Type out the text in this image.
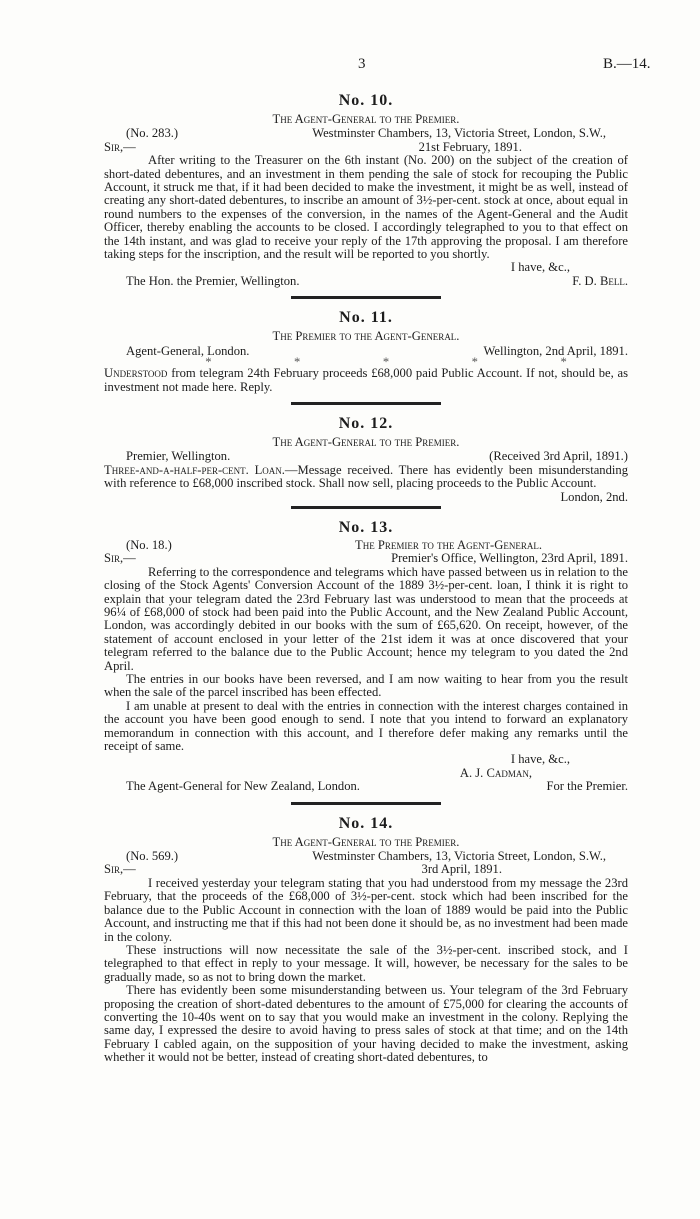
3	B.—14.
No. 10.
The Agent-General to the Premier.
(No. 283.)	Westminster Chambers, 13, Victoria Street, London, S.W.,
Sir,—	21st February, 1891.

After writing to the Treasurer on the 6th instant (No. 200) on the subject of the creation of short-dated debentures, and an investment in them pending the sale of stock for recouping the Public Account, it struck me that, if it had been decided to make the investment, it might be as well, instead of creating any short-dated debentures, to inscribe an amount of 3½-per-cent. stock at once, about equal in round numbers to the expenses of the conversion, in the names of the Agent-General and the Audit Officer, thereby enabling the accounts to be closed. I accordingly telegraphed to you to that effect on the 14th instant, and was glad to receive your reply of the 17th approving the proposal. I am therefore taking steps for the inscription, and the result will be reported to you shortly.

I have, &c.,
The Hon. the Premier, Wellington.	F. D. Bell.
No. 11.
The Premier to the Agent-General.
Agent-General, London.	Wellington, 2nd April, 1891.
*	*	*	*	*

Understood from telegram 24th February proceeds £68,000 paid Public Account. If not, should be, as investment not made here. Reply.

No. 12.
The Agent-General to the Premier.
Premier, Wellington.	(Received 3rd April, 1891.)

Three-and-a-half-per-cent. Loan.—Message received. There has evidently been misunderstanding with reference to £68,000 inscribed stock. Shall now sell, placing proceeds to the Public Account.

London, 2nd.
No. 13.
(No. 18.)	The Premier to the Agent-General.
Sir,—	Premier's Office, Wellington, 23rd April, 1891.

Referring to the correspondence and telegrams which have passed between us in relation to the closing of the Stock Agents' Conversion Account of the 1889 3½-per-cent. loan, I think it is right to explain that your telegram dated the 23rd February last was understood to mean that the proceeds at 96¼ of £68,000 of stock had been paid into the Public Account, and the New Zealand Public Account, London, was accordingly debited in our books with the sum of £65,620. On receipt, however, of the statement of account enclosed in your letter of the 21st idem it was at once discovered that your telegram referred to the balance due to the Public Account; hence my telegram to you dated the 2nd April.

The entries in our books have been reversed, and I am now waiting to hear from you the result when the sale of the parcel inscribed has been effected.

I am unable at present to deal with the entries in connection with the interest charges contained in the account you have been good enough to send. I note that you intend to forward an explanatory memorandum in connection with this account, and I therefore defer making any remarks until the receipt of same.

I have, &c.,
A. J. Cadman,
The Agent-General for New Zealand, London.	For the Premier.
No. 14.
The Agent-General to the Premier.
(No. 569.)	Westminster Chambers, 13, Victoria Street, London, S.W.,
Sir,—	3rd April, 1891.

I received yesterday your telegram stating that you had understood from my message the 23rd February, that the proceeds of the £68,000 of 3½-per-cent. stock which had been inscribed for the balance due to the Public Account in connection with the loan of 1889 would be paid into the Public Account, and instructing me that if this had not been done it should be, as no investment had been made in the colony.

These instructions will now necessitate the sale of the 3½-per-cent. inscribed stock, and I telegraphed to that effect in reply to your message. It will, however, be necessary for the sales to be gradually made, so as not to bring down the market.

There has evidently been some misunderstanding between us. Your telegram of the 3rd February proposing the creation of short-dated debentures to the amount of £75,000 for clearing the accounts of converting the 10-40s went on to say that you would make an investment in the colony. Replying the same day, I expressed the desire to avoid having to press sales of stock at that time; and on the 14th February I cabled again, on the supposition of your having decided to make the investment, asking whether it would not be better, instead of creating short-dated debentures, to
